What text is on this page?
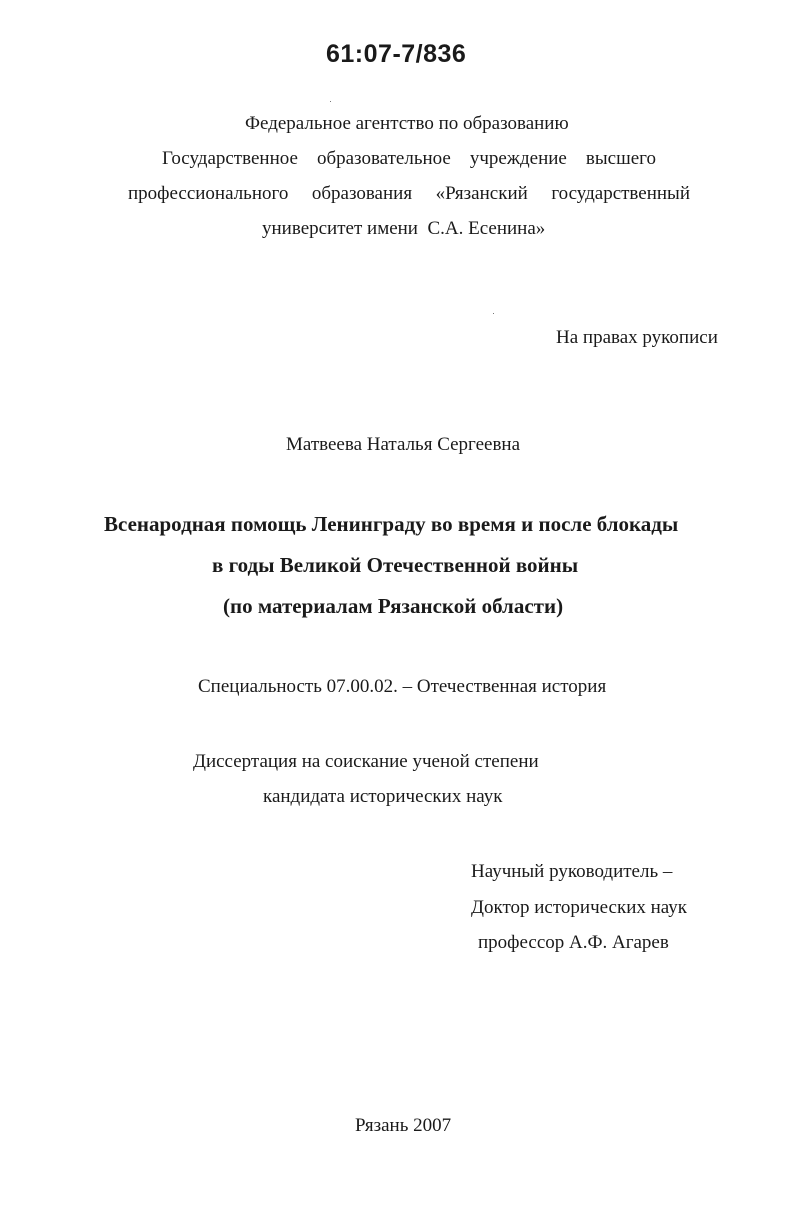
61:07-7/836
Федеральное агентство по образованию
Государственное образовательное учреждение высшего
профессионального образования «Рязанский государственный
университет имени  С.А. Есенина»
На правах рукописи
Матвеева Наталья Сергеевна
Всенародная помощь Ленинграду во время и после блокады
в годы Великой Отечественной войны
(по материалам Рязанской области)
Специальность 07.00.02. – Отечественная история
Диссертация на соискание ученой степени
кандидата исторических наук
Научный руководитель –
Доктор исторических наук
профессор А.Ф. Агарев
Рязань 2007
